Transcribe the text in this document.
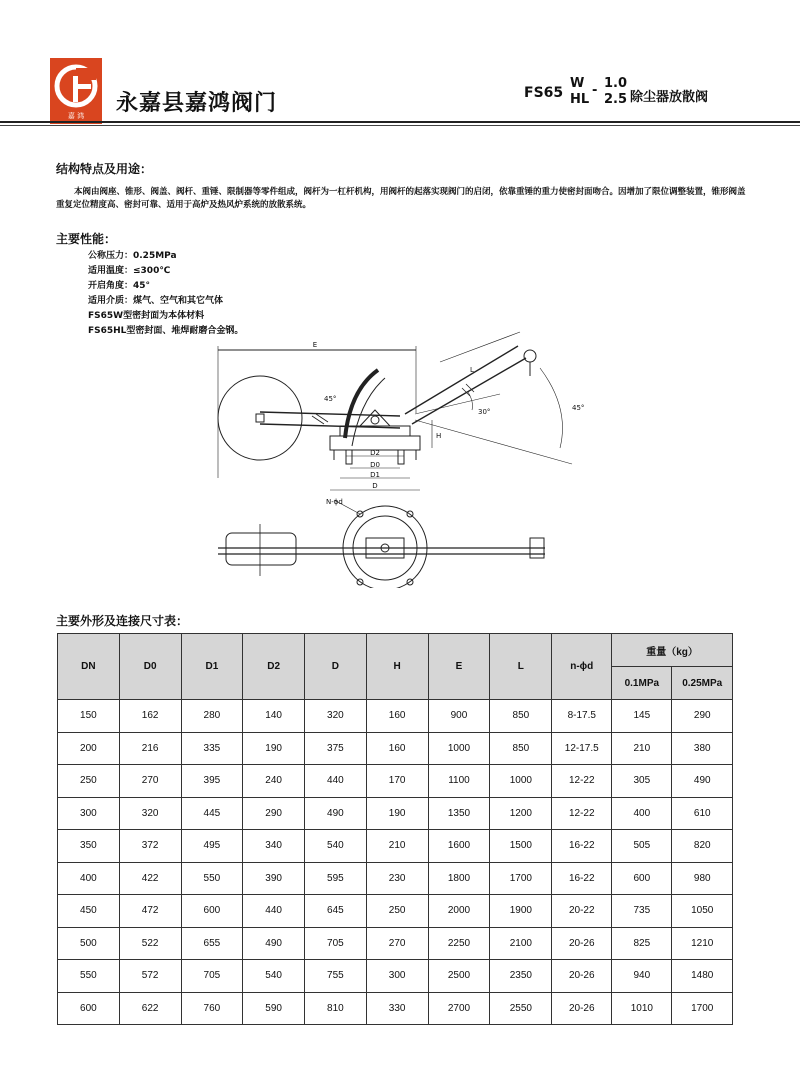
嘉 鸿 永嘉县嘉鸿阀门	FS65
W
HL
- 1.0
2.5 除尘器放散阀
结构特点及用途：
本阀由阀座、锥形、阀盖、阀杆、重锤、限制器等零件组成，阀杆为一杠杆机构，用阀杆的起落实现阀门的启闭，依靠重锤的重力使密封面吻合。因增加了限位调整装置，锥形阀盖重复定位精度高、密封可靠、适用于高炉及热风炉系统的放散系统。
主要性能：
公称压力：0.25MPa
适用温度：≤300℃
开启角度：45°
适用介质：煤气、空气和其它气体
FS65W型密封面为本体材料
FS65HL型密封面、堆焊耐磨合金钢。
E
45°
D2
D0
D1
D
H
30°	45°
L
N-ϕd
主要外形及连接尺寸表：
DN	D0	D1	D2	D	H	E	L	n-ϕd	重量（kg）	
									0.1MPa	0.25MPa
150	162	280	140	320	160	900	850	8-17.5	145	290
200	216	335	190	375	160	1000	850	12-17.5	210	380
250	270	395	240	440	170	1100	1000	12-22	305	490
300	320	445	290	490	190	1350	1200	12-22	400	610
350	372	495	340	540	210	1600	1500	16-22	505	820
400	422	550	390	595	230	1800	1700	16-22	600	980
450	472	600	440	645	250	2000	1900	20-22	735	1050
500	522	655	490	705	270	2250	2100	20-26	825	1210
550	572	705	540	755	300	2500	2350	20-26	940	1480
600	622	760	590	810	330	2700	2550	20-26	1010	1700
